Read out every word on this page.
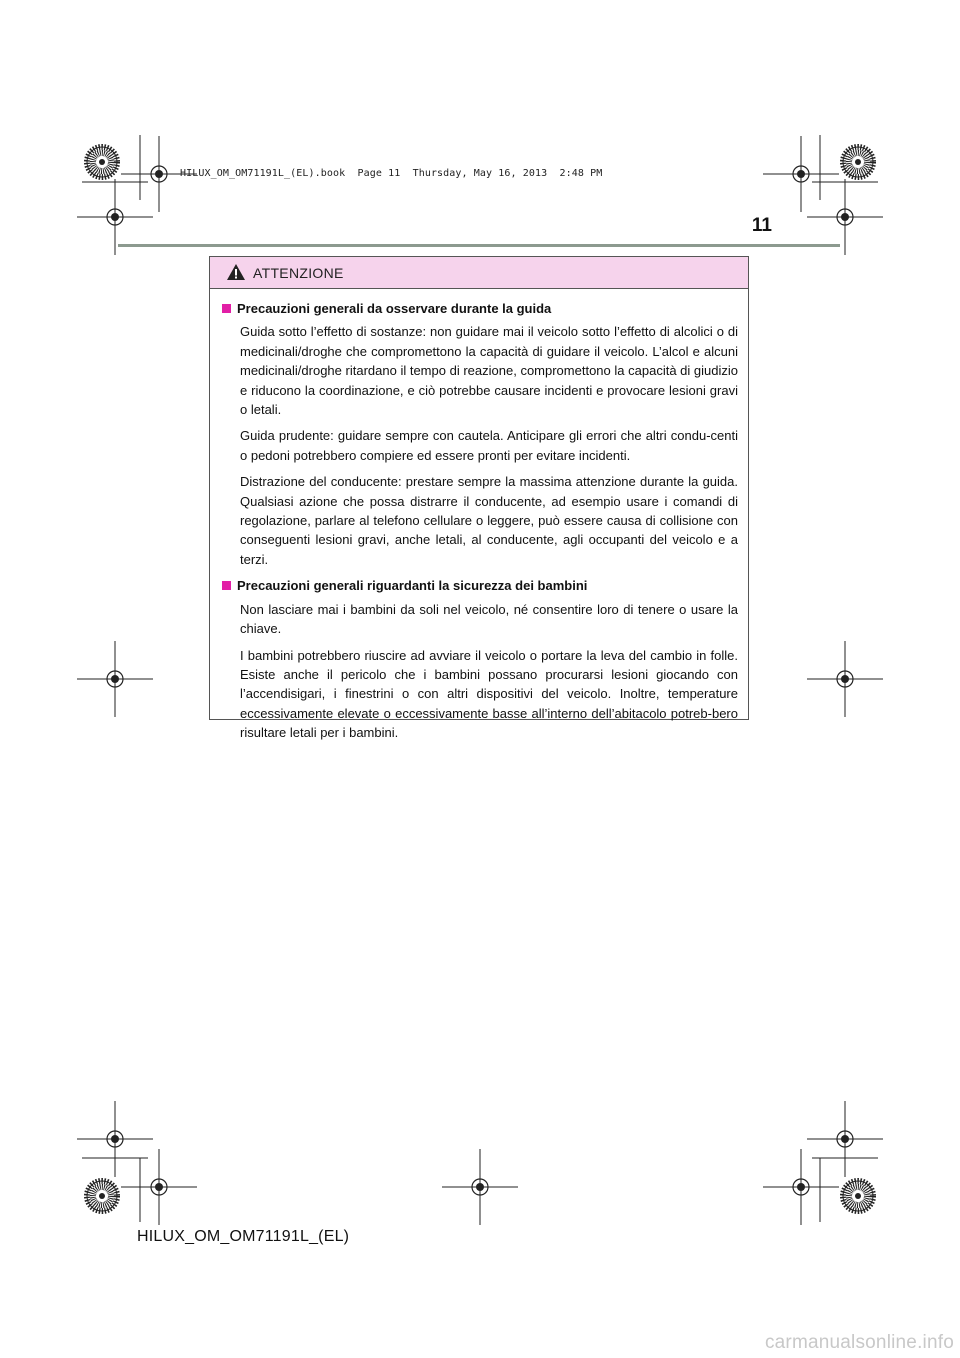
HILUX_OM_OM71191L_(EL).book  Page 11  Thursday, May 16, 2013  2:48 PM
11
ATTENZIONE
Precauzioni generali da osservare durante la guida

Guida sotto l’effetto di sostanze: non guidare mai il veicolo sotto l’effetto di alcolici o di medicinali/droghe che compromettono la capacità di guidare il veicolo. L’alcol e alcuni medicinali/droghe ritardano il tempo di reazione, compromettono la capacità di giudizio e riducono la coordinazione, e ciò potrebbe causare incidenti e provocare lesioni gravi o letali.

Guida prudente: guidare sempre con cautela. Anticipare gli errori che altri condu-centi o pedoni potrebbero compiere ed essere pronti per evitare incidenti.

Distrazione del conducente: prestare sempre la massima attenzione durante la guida. Qualsiasi azione che possa distrarre il conducente, ad esempio usare i comandi di regolazione, parlare al telefono cellulare o leggere, può essere causa di collisione con conseguenti lesioni gravi, anche letali, al conducente, agli occupanti del veicolo e a terzi.

Precauzioni generali riguardanti la sicurezza dei bambini

Non lasciare mai i bambini da soli nel veicolo, né consentire loro di tenere o usare la chiave.

I bambini potrebbero riuscire ad avviare il veicolo o portare la leva del cambio in folle. Esiste anche il pericolo che i bambini possano procurarsi lesioni giocando con l’accendisigari, i finestrini o con altri dispositivi del veicolo. Inoltre, temperature eccessivamente elevate o eccessivamente basse all’interno dell’abitacolo potreb-bero risultare letali per i bambini.

HILUX_OM_OM71191L_(EL)
carmanualsonline.info
